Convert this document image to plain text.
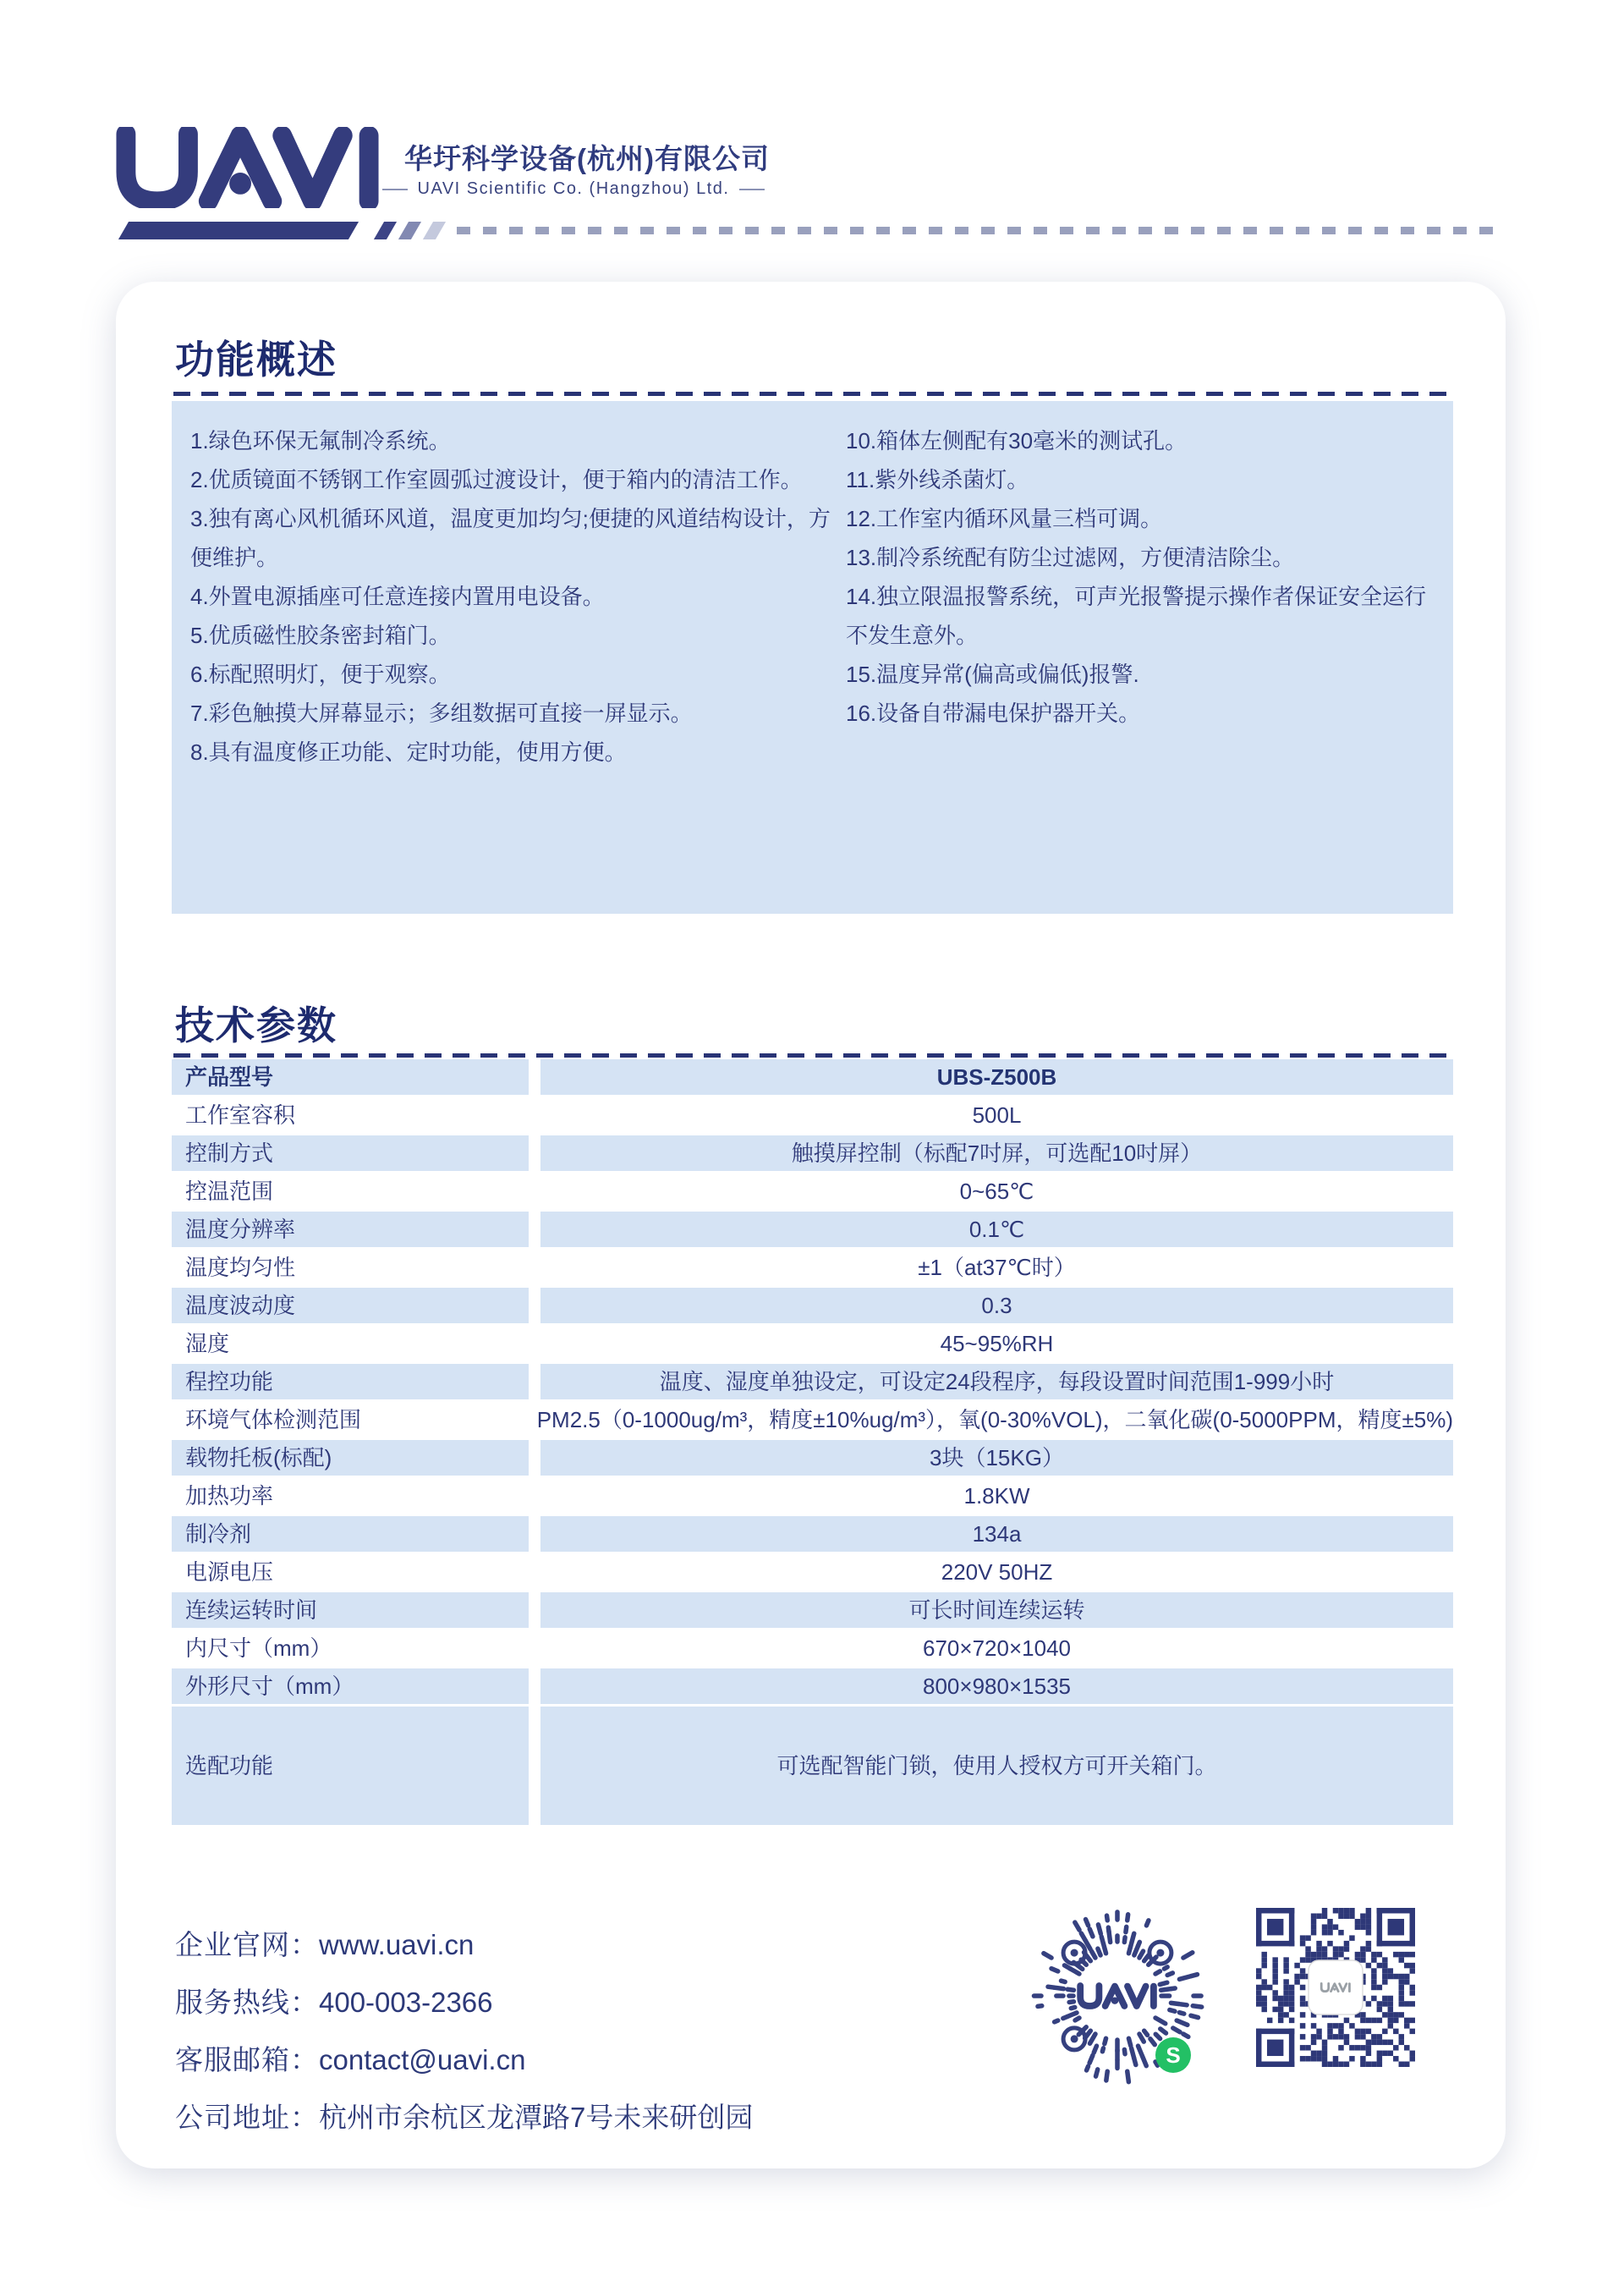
华圩科学设备(杭州)有限公司
UAVI Scientific Co. (Hangzhou) Ltd.
功能概述

1.绿色环保无氟制冷系统。

2.优质镜面不锈钢工作室圆弧过渡设计，便于箱内的清洁工作。

3.独有离心风机循环风道，温度更加均匀;便捷的风道结构设计，方便维护。

4.外置电源插座可任意连接内置用电设备。

5.优质磁性胶条密封箱门。

6.标配照明灯，便于观察。

7.彩色触摸大屏幕显示；多组数据可直接一屏显示。

8.具有温度修正功能、定时功能，使用方便。

10.箱体左侧配有30毫米的测试孔。

11.紫外线杀菌灯。

12.工作室内循环风量三档可调。

13.制冷系统配有防尘过滤网，方便清洁除尘。

14.独立限温报警系统，可声光报警提示操作者保证安全运行不发生意外。

15.温度异常(偏高或偏低)报警.

16.设备自带漏电保护器开关。

技术参数
产品型号	UBS-Z500B
工作室容积	500L
控制方式	触摸屏控制（标配7吋屏，可选配10吋屏）
控温范围	0~65℃
温度分辨率	0.1℃
温度均匀性	±1（at37℃时）
温度波动度	0.3
湿度	45~95%RH
程控功能	温度、湿度单独设定，可设定24段程序，每段设置时间范围1-999小时
环境气体检测范围	PM2.5（0-1000ug/m³，精度±10%ug/m³），氧(0-30%VOL)，二氧化碳(0-5000PPM，精度±5%)
载物托板(标配)	3块（15KG）
加热功率	1.8KW
制冷剂	134a
电源电压	220V 50HZ
连续运转时间	可长时间连续运转
内尺寸（mm）	670×720×1040
外形尺寸（mm）	800×980×1535
选配功能	可选配智能门锁，使用人授权方可开关箱门。
企业官网：www.uavi.cn
服务热线：400-003-2366
客服邮箱：contact@uavi.cn
公司地址：杭州市余杭区龙潭路7号未来研创园
S
